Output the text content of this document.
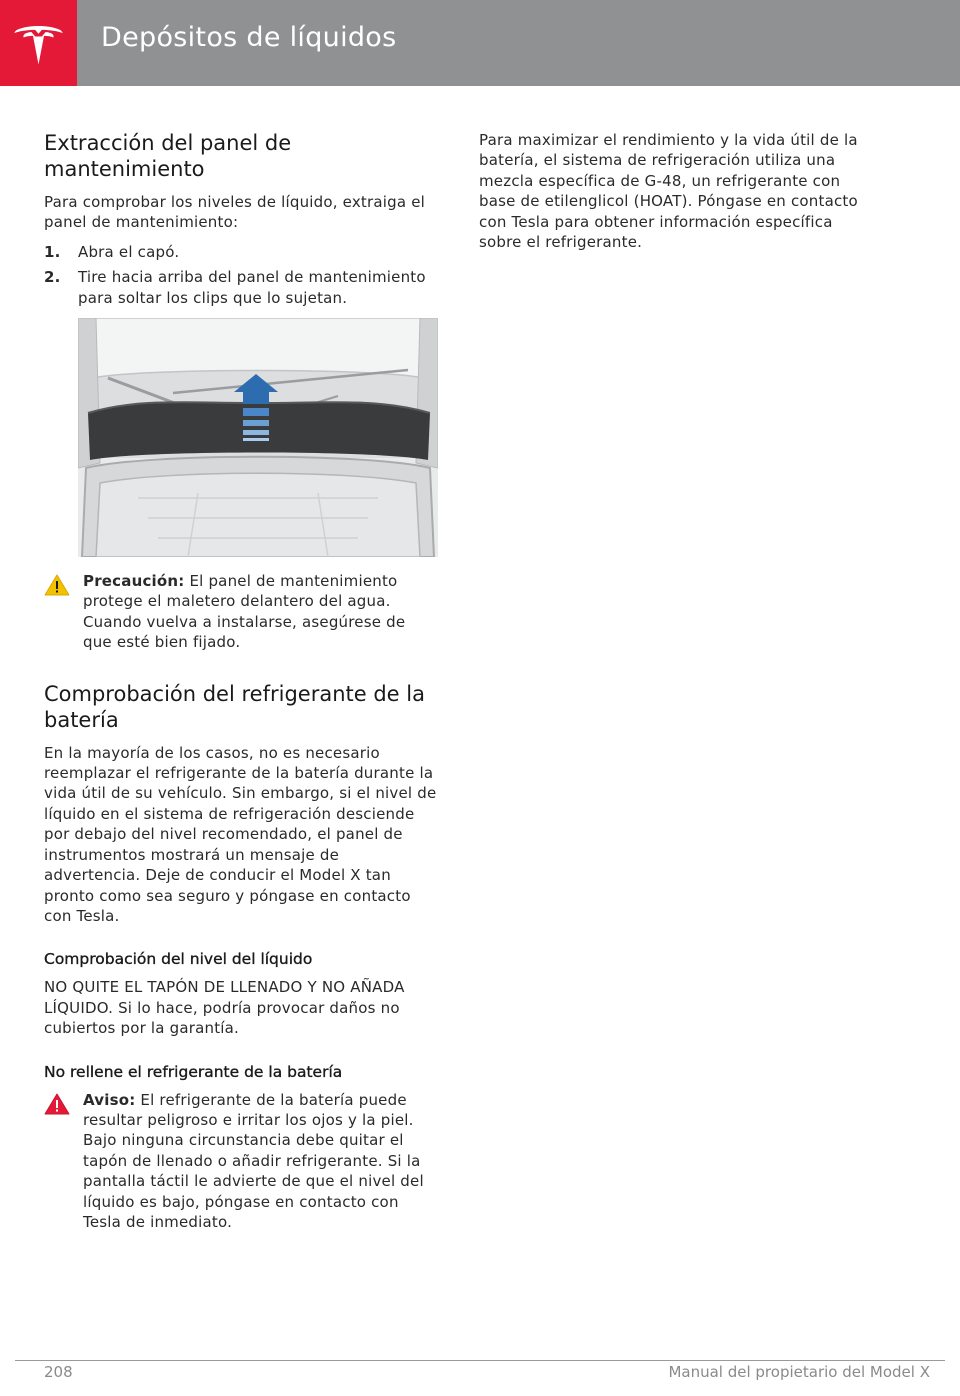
Depósitos de líquidos
Extracción del panel de mantenimiento

Para comprobar los niveles de líquido, extraiga el panel de mantenimiento:

1. Abra el capó.
2. Tire hacia arriba del panel de mantenimiento para soltar los clips que lo sujetan.

Precaución: El panel de mantenimiento protege el maletero delantero del agua. Cuando vuelva a instalarse, asegúrese de que esté bien fijado.

Comprobación del refrigerante de la batería

En la mayoría de los casos, no es necesario reemplazar el refrigerante de la batería durante la vida útil de su vehículo. Sin embargo, si el nivel de líquido en el sistema de refrigeración desciende por debajo del nivel recomendado, el panel de instrumentos mostrará un mensaje de advertencia. Deje de conducir el Model X tan pronto como sea seguro y póngase en contacto con Tesla.

Comprobación del nivel del líquido

NO QUITE EL TAPÓN DE LLENADO Y NO AÑADA LÍQUIDO. Si lo hace, podría provocar daños no cubiertos por la garantía.

No rellene el refrigerante de la batería

Aviso: El refrigerante de la batería puede resultar peligroso e irritar los ojos y la piel. Bajo ninguna circunstancia debe quitar el tapón de llenado o añadir refrigerante. Si la pantalla táctil le advierte de que el nivel del líquido es bajo, póngase en contacto con Tesla de inmediato.

Para maximizar el rendimiento y la vida útil de la batería, el sistema de refrigeración utiliza una mezcla específica de G-48, un refrigerante con base de etilenglicol (HOAT). Póngase en contacto con Tesla para obtener información específica sobre el refrigerante.

208	Manual del propietario del Model X
